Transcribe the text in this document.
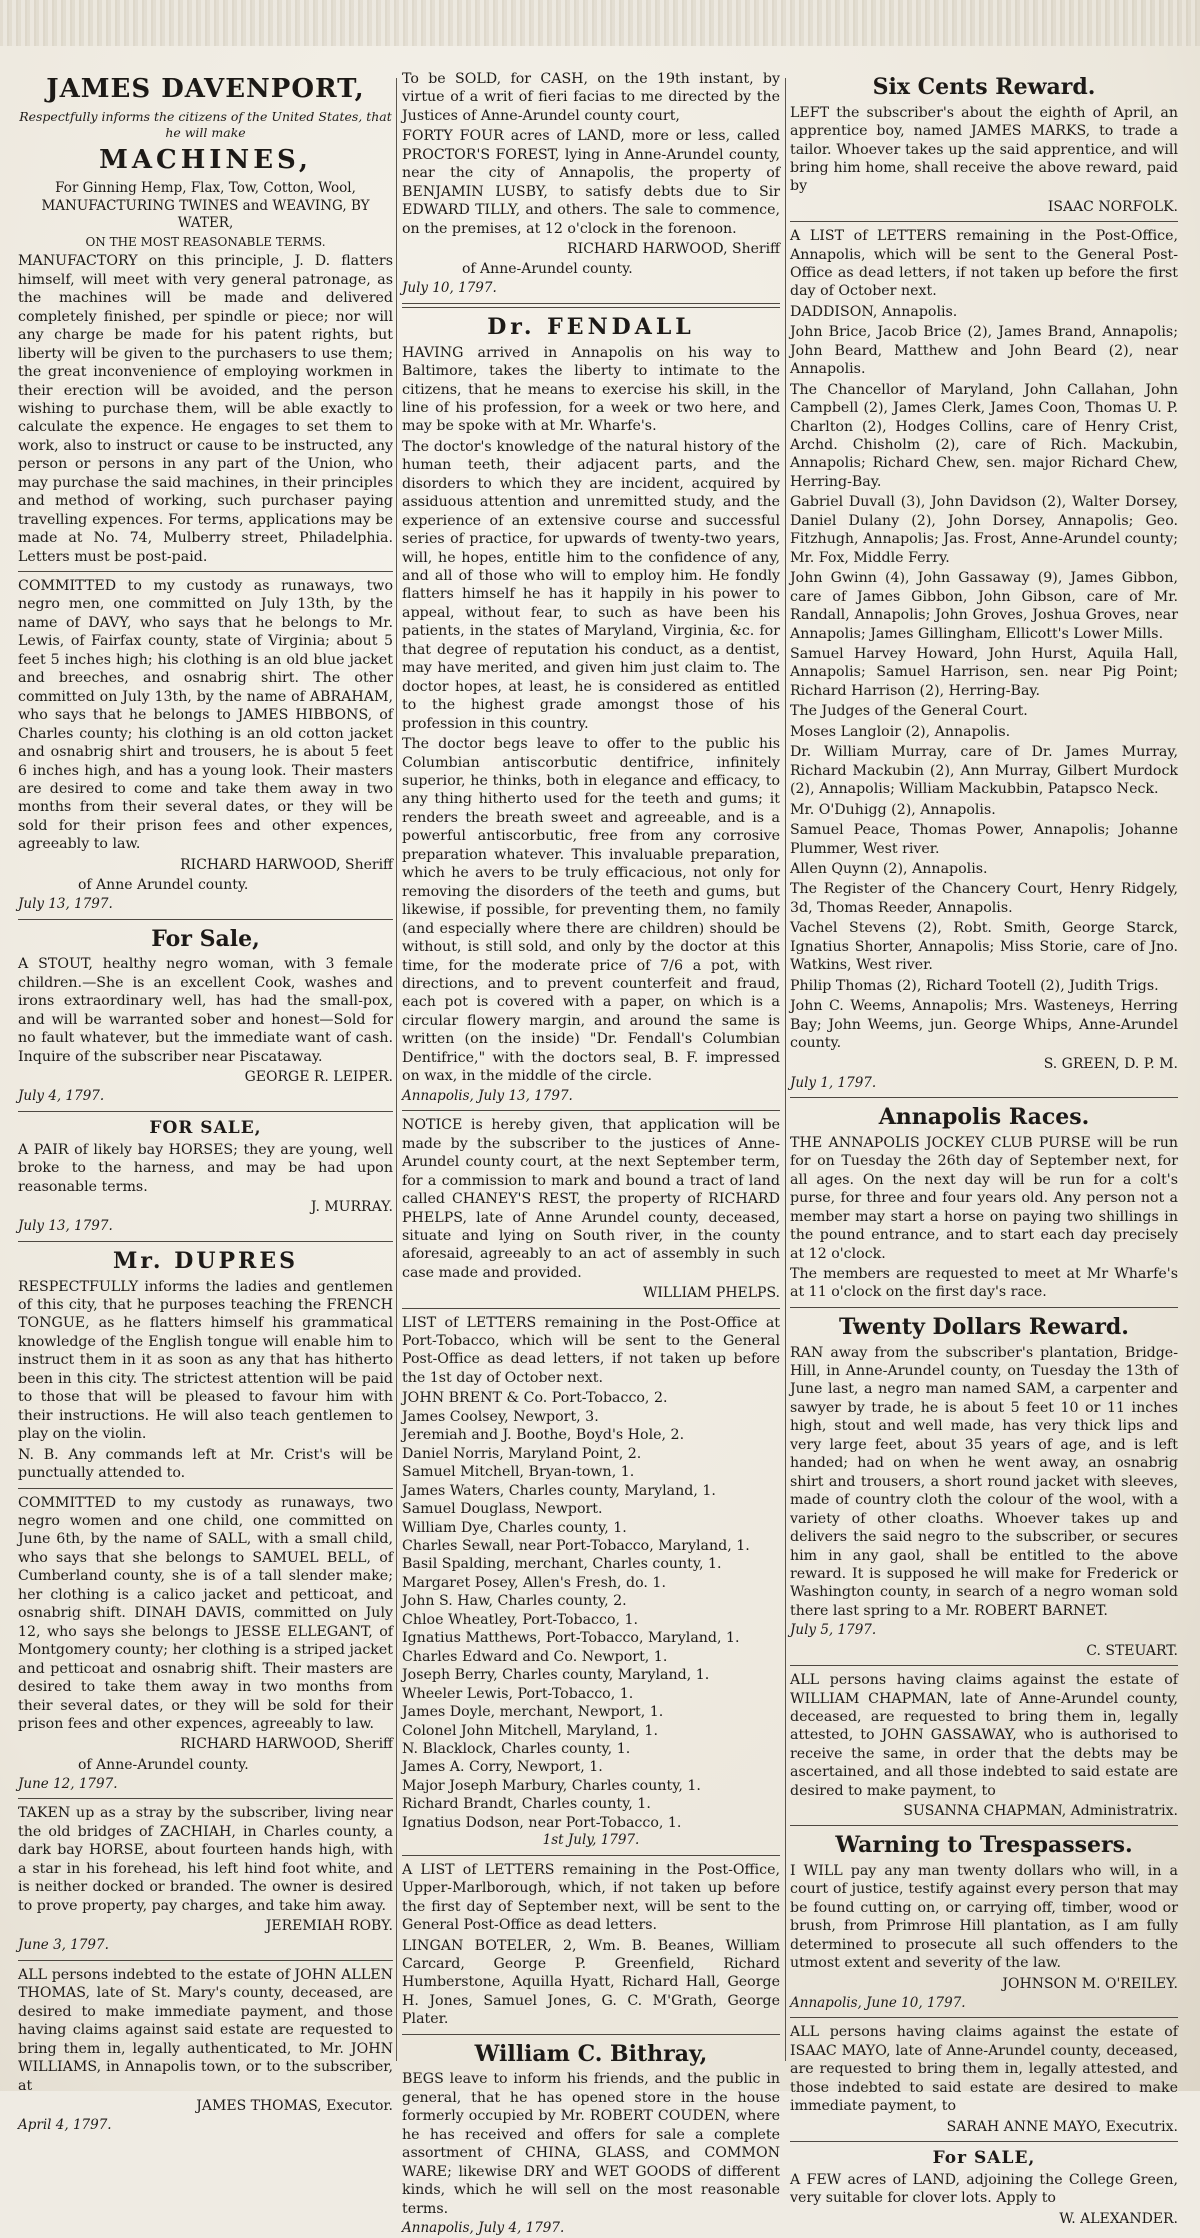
JAMES DAVENPORT,

Respectfully informs the citizens of the United States, that he will make

MACHINES,

For Ginning Hemp, Flax, Tow, Cotton, Wool, MANUFACTURING TWINES and WEAVING, BY WATER,

ON THE MOST REASONABLE TERMS.

MANUFACTORY on this principle, J. D. flatters himself, will meet with very general patronage, as the machines will be made and delivered completely finished, per spindle or piece; nor will any charge be made for his patent rights, but liberty will be given to the purchasers to use them; the great inconvenience of employing workmen in their erection will be avoided, and the person wishing to purchase them, will be able exactly to calculate the expence. He engages to set them to work, also to instruct or cause to be instructed, any person or persons in any part of the Union, who may purchase the said machines, in their principles and method of working, such purchaser paying travelling expences. For terms, applications may be made at No. 74, Mulberry street, Philadelphia. Letters must be post-paid.

COMMITTED to my custody as runaways, two negro men, one committed on July 13th, by the name of DAVY, who says that he belongs to Mr. Lewis, of Fairfax county, state of Virginia; about 5 feet 5 inches high; his clothing is an old blue jacket and breeches, and osnabrig shirt. The other committed on July 13th, by the name of ABRAHAM, who says that he belongs to JAMES HIBBONS, of Charles county; his clothing is an old cotton jacket and osnabrig shirt and trousers, he is about 5 feet 6 inches high, and has a young look. Their masters are desired to come and take them away in two months from their several dates, or they will be sold for their prison fees and other expences, agreeably to law.

RICHARD HARWOOD, Sheriff

of Anne Arundel county.

July 13, 1797.

For Sale,

A STOUT, healthy negro woman, with 3 female children.—She is an excellent Cook, washes and irons extraordinary well, has had the small-pox, and will be warranted sober and honest—Sold for no fault whatever, but the immediate want of cash. Inquire of the subscriber near Piscataway.

GEORGE R. LEIPER.

July 4, 1797.

FOR SALE,

A PAIR of likely bay HORSES; they are young, well broke to the harness, and may be had upon reasonable terms.

J. MURRAY.

July 13, 1797.

Mr. DUPRES

RESPECTFULLY informs the ladies and gentlemen of this city, that he purposes teaching the FRENCH TONGUE, as he flatters himself his grammatical knowledge of the English tongue will enable him to instruct them in it as soon as any that has hitherto been in this city. The strictest attention will be paid to those that will be pleased to favour him with their instructions. He will also teach gentlemen to play on the violin.

N. B. Any commands left at Mr. Crist's will be punctually attended to.

COMMITTED to my custody as runaways, two negro women and one child, one committed on June 6th, by the name of SALL, with a small child, who says that she belongs to SAMUEL BELL, of Cumberland county, she is of a tall slender make; her clothing is a calico jacket and petticoat, and osnabrig shift. DINAH DAVIS, committed on July 12, who says she belongs to JESSE ELLEGANT, of Montgomery county; her clothing is a striped jacket and petticoat and osnabrig shift. Their masters are desired to take them away in two months from their several dates, or they will be sold for their prison fees and other expences, agreeably to law.

RICHARD HARWOOD, Sheriff

of Anne-Arundel county.

June 12, 1797.

TAKEN up as a stray by the subscriber, living near the old bridges of ZACHIAH, in Charles county, a dark bay HORSE, about fourteen hands high, with a star in his forehead, his left hind foot white, and is neither docked or branded. The owner is desired to prove property, pay charges, and take him away.

JEREMIAH ROBY.

June 3, 1797.

ALL persons indebted to the estate of JOHN ALLEN THOMAS, late of St. Mary's county, deceased, are desired to make immediate payment, and those having claims against said estate are requested to bring them in, legally authenticated, to Mr. JOHN WILLIAMS, in Annapolis town, or to the subscriber, at

JAMES THOMAS, Executor.

April 4, 1797.

To be SOLD, for CASH, on the 19th instant, by virtue of a writ of fieri facias to me directed by the Justices of Anne-Arundel county court,

FORTY FOUR acres of LAND, more or less, called PROCTOR'S FOREST, lying in Anne-Arundel county, near the city of Annapolis, the property of BENJAMIN LUSBY, to satisfy debts due to Sir EDWARD TILLY, and others. The sale to commence, on the premises, at 12 o'clock in the forenoon.

RICHARD HARWOOD, Sheriff

of Anne-Arundel county.

July 10, 1797.

Dr. FENDALL

HAVING arrived in Annapolis on his way to Baltimore, takes the liberty to intimate to the citizens, that he means to exercise his skill, in the line of his profession, for a week or two here, and may be spoke with at Mr. Wharfe's.

The doctor's knowledge of the natural history of the human teeth, their adjacent parts, and the disorders to which they are incident, acquired by assiduous attention and unremitted study, and the experience of an extensive course and successful series of practice, for upwards of twenty-two years, will, he hopes, entitle him to the confidence of any, and all of those who will to employ him. He fondly flatters himself he has it happily in his power to appeal, without fear, to such as have been his patients, in the states of Maryland, Virginia, &c. for that degree of reputation his conduct, as a dentist, may have merited, and given him just claim to. The doctor hopes, at least, he is considered as entitled to the highest grade amongst those of his profession in this country.

The doctor begs leave to offer to the public his Columbian antiscorbutic dentifrice, infinitely superior, he thinks, both in elegance and efficacy, to any thing hitherto used for the teeth and gums; it renders the breath sweet and agreeable, and is a powerful antiscorbutic, free from any corrosive preparation whatever. This invaluable preparation, which he avers to be truly efficacious, not only for removing the disorders of the teeth and gums, but likewise, if possible, for preventing them, no family (and especially where there are children) should be without, is still sold, and only by the doctor at this time, for the moderate price of 7/6 a pot, with directions, and to prevent counterfeit and fraud, each pot is covered with a paper, on which is a circular flowery margin, and around the same is written (on the inside) "Dr. Fendall's Columbian Dentifrice," with the doctors seal, B. F. impressed on wax, in the middle of the circle.

Annapolis, July 13, 1797.

NOTICE is hereby given, that application will be made by the subscriber to the justices of Anne-Arundel county court, at the next September term, for a commission to mark and bound a tract of land called CHANEY'S REST, the property of RICHARD PHELPS, late of Anne Arundel county, deceased, situate and lying on South river, in the county aforesaid, agreeably to an act of assembly in such case made and provided.

WILLIAM PHELPS.

LIST of LETTERS remaining in the Post-Office at Port-Tobacco, which will be sent to the General Post-Office as dead letters, if not taken up before the 1st day of October next.

JOHN BRENT & Co. Port-Tobacco, 2.
James Coolsey, Newport, 3.
Jeremiah and J. Boothe, Boyd's Hole, 2.
Daniel Norris, Maryland Point, 2.
Samuel Mitchell, Bryan-town, 1.
James Waters, Charles county, Maryland, 1.
Samuel Douglass, Newport.
William Dye, Charles county, 1.
Charles Sewall, near Port-Tobacco, Maryland, 1.
Basil Spalding, merchant, Charles county, 1.
Margaret Posey, Allen's Fresh, do. 1.
John S. Haw, Charles county, 2.
Chloe Wheatley, Port-Tobacco, 1.
Ignatius Matthews, Port-Tobacco, Maryland, 1.
Charles Edward and Co. Newport, 1.
Joseph Berry, Charles county, Maryland, 1.
Wheeler Lewis, Port-Tobacco, 1.
James Doyle, merchant, Newport, 1.
Colonel John Mitchell, Maryland, 1.
N. Blacklock, Charles county, 1.
James A. Corry, Newport, 1.
Major Joseph Marbury, Charles county, 1.
Richard Brandt, Charles county, 1.
Ignatius Dodson, near Port-Tobacco, 1.

1st July, 1797.

A LIST of LETTERS remaining in the Post-Office, Upper-Marlborough, which, if not taken up before the first day of September next, will be sent to the General Post-Office as dead letters.

LINGAN BOTELER, 2, Wm. B. Beanes, William Carcard, George P. Greenfield, Richard Humberstone, Aquilla Hyatt, Richard Hall, George H. Jones, Samuel Jones, G. C. M'Grath, George Plater.

William C. Bithray,

BEGS leave to inform his friends, and the public in general, that he has opened store in the house formerly occupied by Mr. ROBERT COUDEN, where he has received and offers for sale a complete assortment of CHINA, GLASS, and COMMON WARE; likewise DRY and WET GOODS of different kinds, which he will sell on the most reasonable terms.

Annapolis, July 4, 1797.

Six Cents Reward.

LEFT the subscriber's about the eighth of April, an apprentice boy, named JAMES MARKS, to trade a tailor. Whoever takes up the said apprentice, and will bring him home, shall receive the above reward, paid by

ISAAC NORFOLK.

A LIST of LETTERS remaining in the Post-Office, Annapolis, which will be sent to the General Post-Office as dead letters, if not taken up before the first day of October next.

DADDISON, Annapolis.

John Brice, Jacob Brice (2), James Brand, Annapolis; John Beard, Matthew and John Beard (2), near Annapolis.

The Chancellor of Maryland, John Callahan, John Campbell (2), James Clerk, James Coon, Thomas U. P. Charlton (2), Hodges Collins, care of Henry Crist, Archd. Chisholm (2), care of Rich. Mackubin, Annapolis; Richard Chew, sen. major Richard Chew, Herring-Bay.

Gabriel Duvall (3), John Davidson (2), Walter Dorsey, Daniel Dulany (2), John Dorsey, Annapolis; Geo. Fitzhugh, Annapolis; Jas. Frost, Anne-Arundel county; Mr. Fox, Middle Ferry.

John Gwinn (4), John Gassaway (9), James Gibbon, care of James Gibbon, John Gibson, care of Mr. Randall, Annapolis; John Groves, Joshua Groves, near Annapolis; James Gillingham, Ellicott's Lower Mills.

Samuel Harvey Howard, John Hurst, Aquila Hall, Annapolis; Samuel Harrison, sen. near Pig Point; Richard Harrison (2), Herring-Bay.

The Judges of the General Court.

Moses Langloir (2), Annapolis.

Dr. William Murray, care of Dr. James Murray, Richard Mackubin (2), Ann Murray, Gilbert Murdock (2), Annapolis; William Mackubbin, Patapsco Neck.

Mr. O'Duhigg (2), Annapolis.

Samuel Peace, Thomas Power, Annapolis; Johanne Plummer, West river.

Allen Quynn (2), Annapolis.

The Register of the Chancery Court, Henry Ridgely, 3d, Thomas Reeder, Annapolis.

Vachel Stevens (2), Robt. Smith, George Starck, Ignatius Shorter, Annapolis; Miss Storie, care of Jno. Watkins, West river.

Philip Thomas (2), Richard Tootell (2), Judith Trigs.

John C. Weems, Annapolis; Mrs. Wasteneys, Herring Bay; John Weems, jun. George Whips, Anne-Arundel county.

S. GREEN, D. P. M.

July 1, 1797.

Annapolis Races.

THE ANNAPOLIS JOCKEY CLUB PURSE will be run for on Tuesday the 26th day of September next, for all ages. On the next day will be run for a colt's purse, for three and four years old. Any person not a member may start a horse on paying two shillings in the pound entrance, and to start each day precisely at 12 o'clock.

The members are requested to meet at Mr Wharfe's at 11 o'clock on the first day's race.

Twenty Dollars Reward.

RAN away from the subscriber's plantation, Bridge-Hill, in Anne-Arundel county, on Tuesday the 13th of June last, a negro man named SAM, a carpenter and sawyer by trade, he is about 5 feet 10 or 11 inches high, stout and well made, has very thick lips and very large feet, about 35 years of age, and is left handed; had on when he went away, an osnabrig shirt and trousers, a short round jacket with sleeves, made of country cloth the colour of the wool, with a variety of other cloaths. Whoever takes up and delivers the said negro to the subscriber, or secures him in any gaol, shall be entitled to the above reward. It is supposed he will make for Frederick or Washington county, in search of a negro woman sold there last spring to a Mr. ROBERT BARNET.

July 5, 1797.

C. STEUART.

ALL persons having claims against the estate of WILLIAM CHAPMAN, late of Anne-Arundel county, deceased, are requested to bring them in, legally attested, to JOHN GASSAWAY, who is authorised to receive the same, in order that the debts may be ascertained, and all those indebted to said estate are desired to make payment, to

SUSANNA CHAPMAN, Administratrix.

Warning to Trespassers.

I WILL pay any man twenty dollars who will, in a court of justice, testify against every person that may be found cutting on, or carrying off, timber, wood or brush, from Primrose Hill plantation, as I am fully determined to prosecute all such offenders to the utmost extent and severity of the law.

JOHNSON M. O'REILEY.

Annapolis, June 10, 1797.

ALL persons having claims against the estate of ISAAC MAYO, late of Anne-Arundel county, deceased, are requested to bring them in, legally attested, and those indebted to said estate are desired to make immediate payment, to

SARAH ANNE MAYO, Executrix.

For SALE,

A FEW acres of LAND, adjoining the College Green, very suitable for clover lots. Apply to

W. ALEXANDER.
